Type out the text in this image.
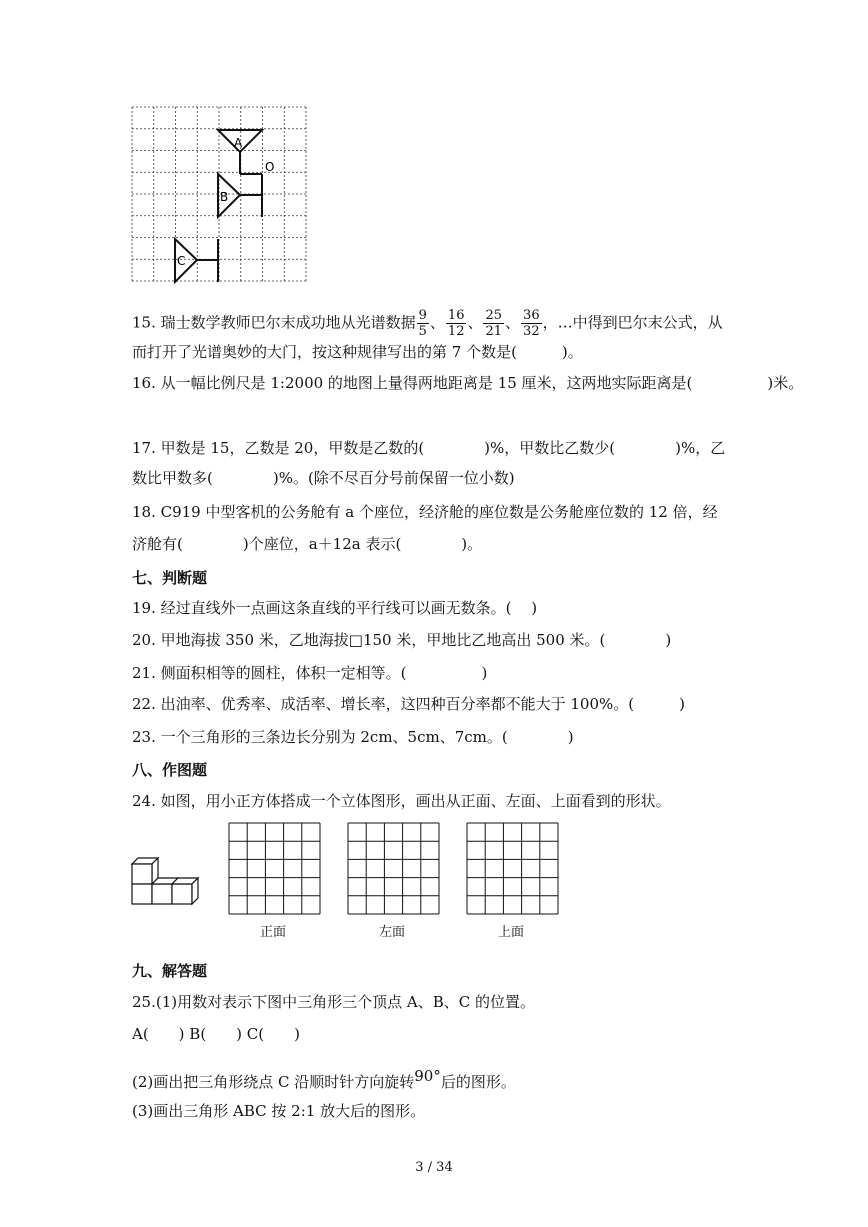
A
B
C
O
15. 瑞士数学教师巴尔末成功地从光谱数据 $\frac{9}{5}$ 、 $\frac{16}{12}$ 、 $\frac{25}{21}$ 、 $\frac{36}{32}$ ，…中得到巴尔末公式，从
而打开了光谱奥妙的大门，按这种规律写出的第 7 个数是(　　　)。
16. 从一幅比例尺是 1:2000 的地图上量得两地距离是 15 厘米，这两地实际距离是(　　　　　)米。
17. 甲数是 15，乙数是 20，甲数是乙数的(　　　　)%，甲数比乙数少(　　　　)%，乙
数比甲数多(　　　　)%。(除不尽百分号前保留一位小数)
18. C919 中型客机的公务舱有 a 个座位，经济舱的座位数是公务舱座位数的 12 倍，经
济舱有(　　　　)个座位，a＋12a 表示(　　　　)。
七、判断题
19. 经过直线外一点画这条直线的平行线可以画无数条。(　 )
20. 甲地海拔 350 米，乙地海拔□150 米，甲地比乙地高出 500 米。(　　　　)
21. 侧面积相等的圆柱，体积一定相等。(　　　　　)
22. 出油率、优秀率、成活率、增长率，这四种百分率都不能大于 100%。(　　　)
23. 一个三角形的三条边长分别为 2cm、5cm、7cm。(　　　　)
八、作图题
24. 如图，用小正方体搭成一个立体图形，画出从正面、左面、上面看到的形状。
正面	左面	上面
九、解答题
25.(1)用数对表示下图中三角形三个顶点 A、B、C 的位置。
A(　　) B(　　) C(　　)
(2)画出把三角形绕点 C 沿顺时针方向旋转90°后的图形。
(3)画出三角形 ABC 按 2:1 放大后的图形。
3 / 34
